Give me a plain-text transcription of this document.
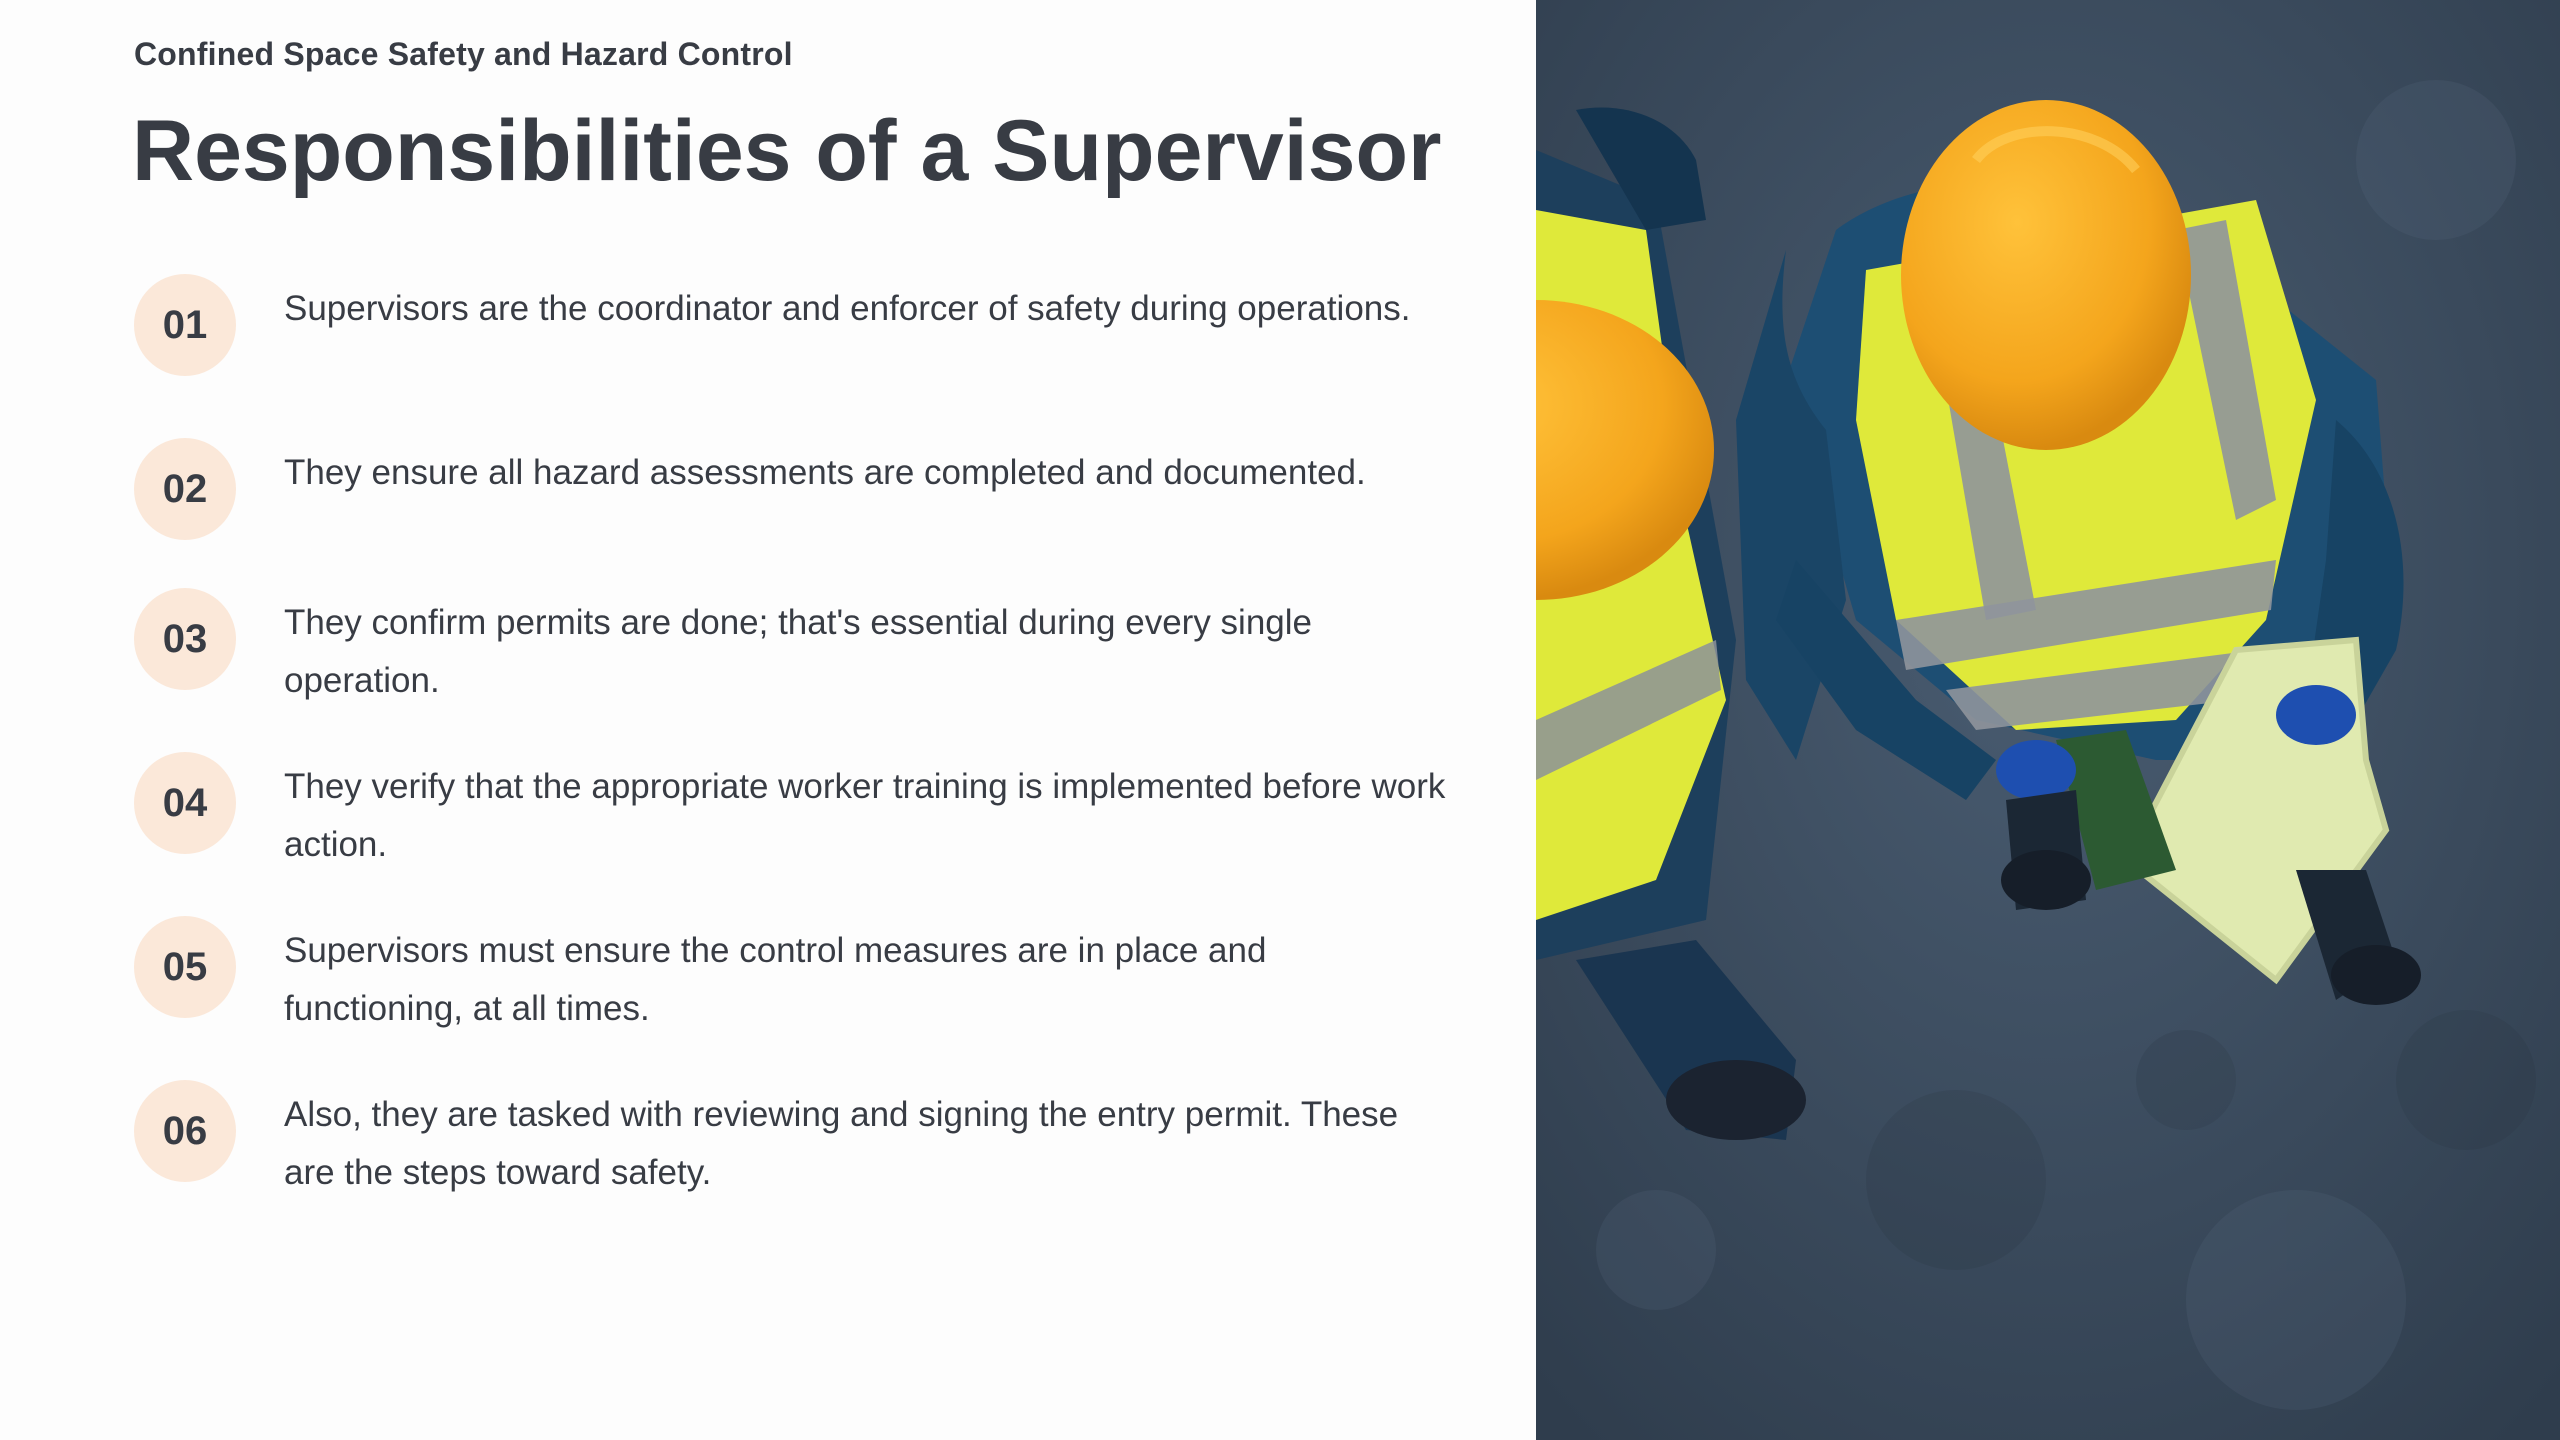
Confined Space Safety and Hazard Control
Responsibilities of a Supervisor
01	Supervisors are the coordinator and enforcer of safety during operations.
02	They ensure all hazard assessments are completed and documented.
03	They confirm permits are done; that's essential during every single operation.
04	They verify that the appropriate worker training is implemented before work action.
05	Supervisors must ensure the control measures are in place and functioning, at all times.
06	Also, they are tasked with reviewing and signing the entry permit. These are the steps toward safety.
